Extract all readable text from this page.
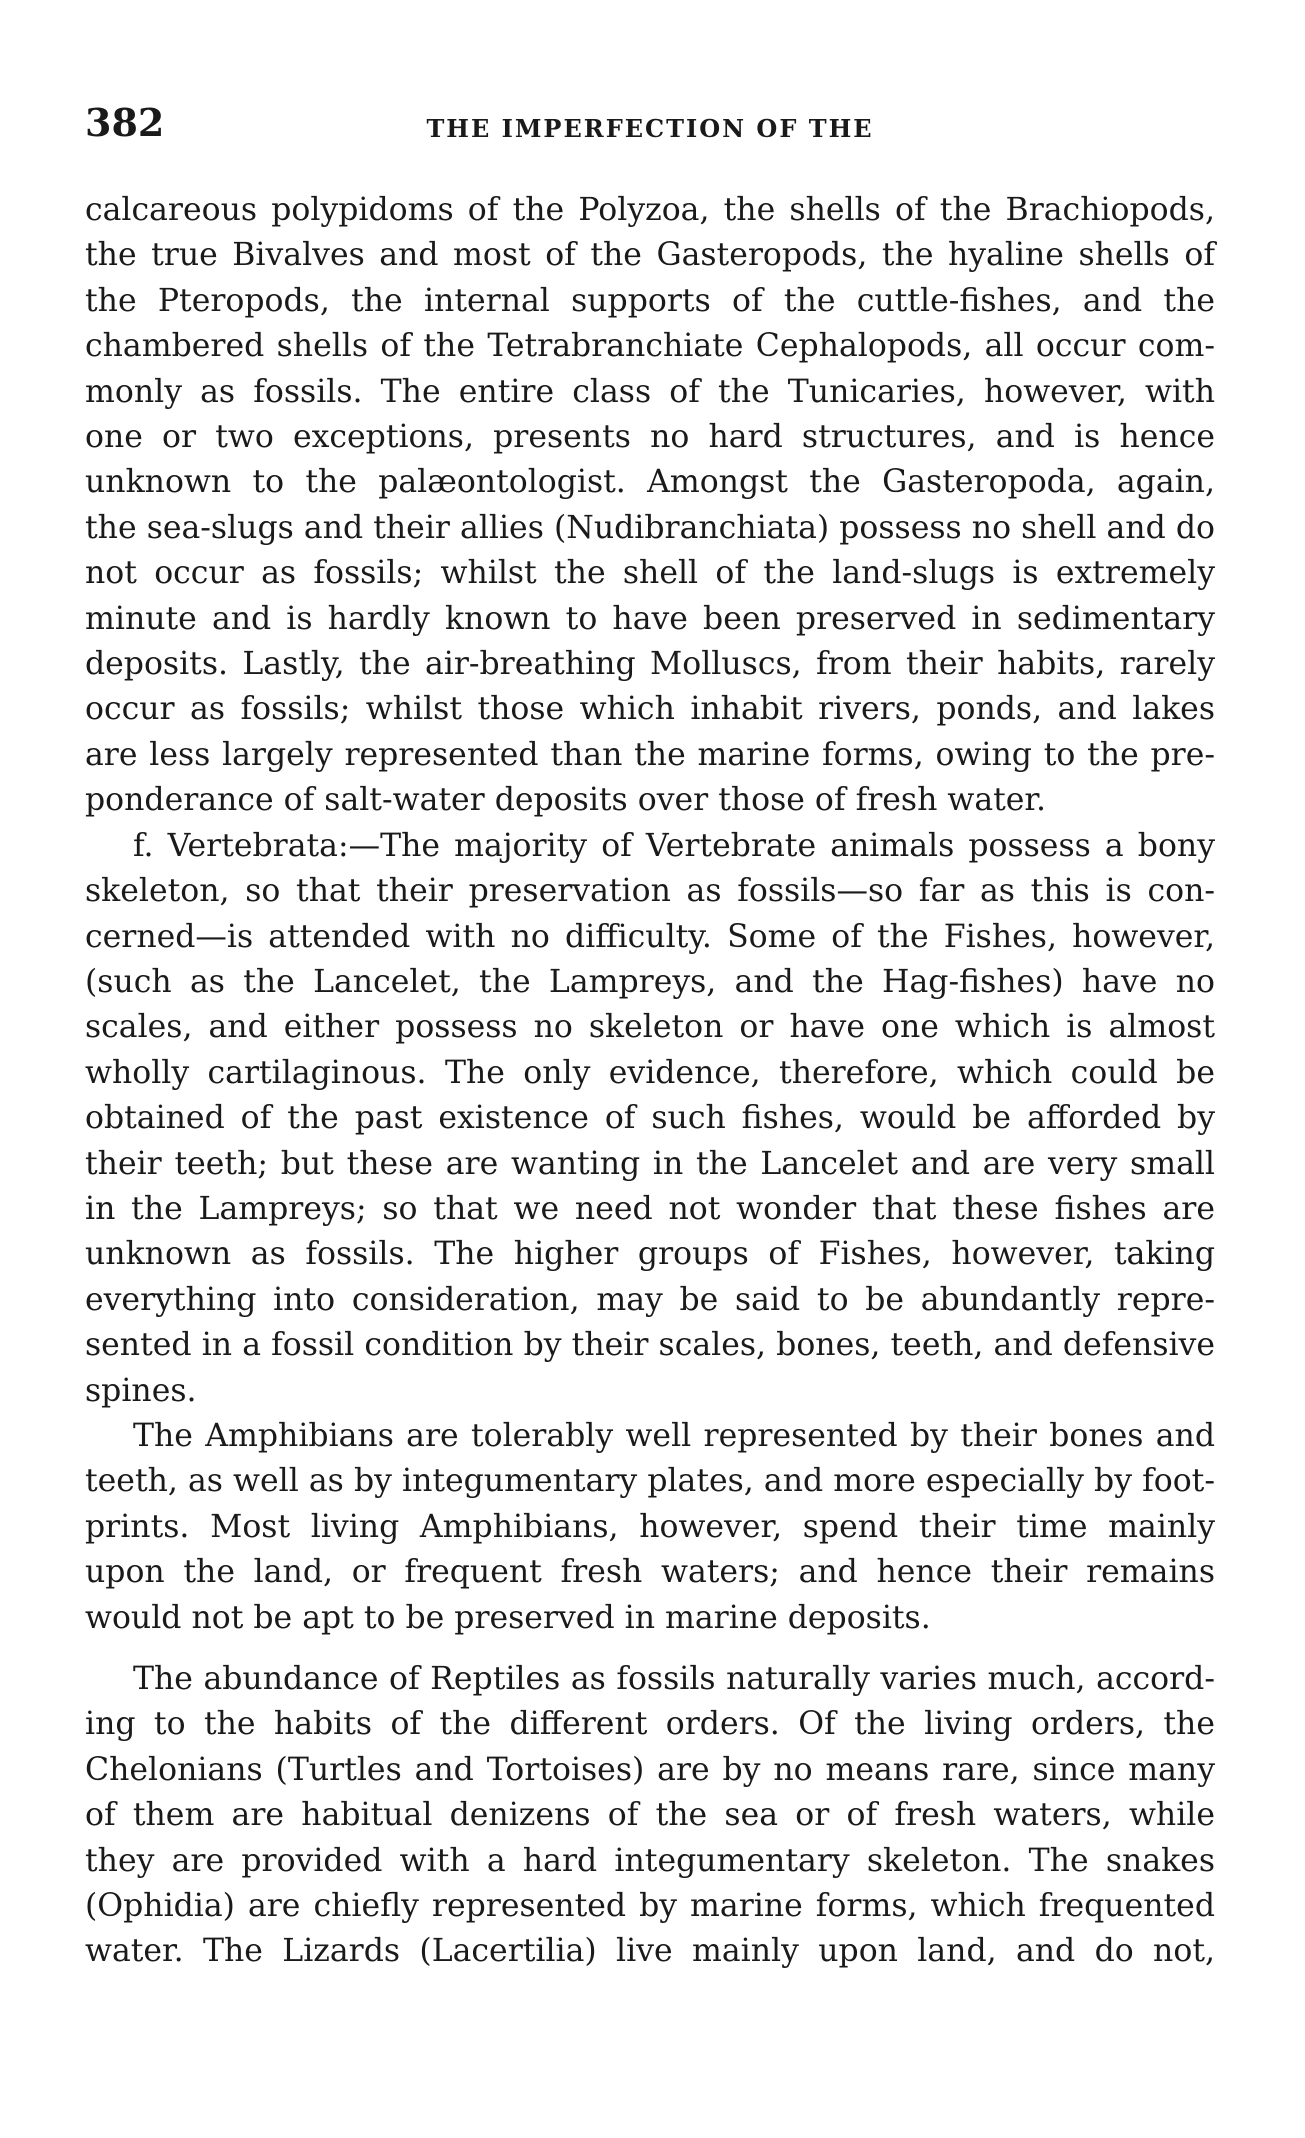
382	THE IMPERFECTION OF THE
calcareous polypidoms of the Polyzoa, the shells of the Brachiopods,
the true Bivalves and most of the Gasteropods, the hyaline shells of
the Pteropods, the internal supports of the cuttle-fishes, and the
chambered shells of the Tetrabranchiate Cephalopods, all occur com-
monly as fossils. The entire class of the Tunicaries, however, with
one or two exceptions, presents no hard structures, and is hence
unknown to the palæontologist. Amongst the Gasteropoda, again,
the sea-slugs and their allies (Nudibranchiata) possess no shell and do
not occur as fossils; whilst the shell of the land-slugs is extremely
minute and is hardly known to have been preserved in sedimentary
deposits. Lastly, the air-breathing Molluscs, from their habits, rarely
occur as fossils; whilst those which inhabit rivers, ponds, and lakes
are less largely represented than the marine forms, owing to the pre-
ponderance of salt-water deposits over those of fresh water.
f. Vertebrata:—The majority of Vertebrate animals possess a bony
skeleton, so that their preservation as fossils—so far as this is con-
cerned—is attended with no difficulty. Some of the Fishes, however,
(such as the Lancelet, the Lampreys, and the Hag-fishes) have no
scales, and either possess no skeleton or have one which is almost
wholly cartilaginous. The only evidence, therefore, which could be
obtained of the past existence of such fishes, would be afforded by
their teeth; but these are wanting in the Lancelet and are very small
in the Lampreys; so that we need not wonder that these fishes are
unknown as fossils. The higher groups of Fishes, however, taking
everything into consideration, may be said to be abundantly repre-
sented in a fossil condition by their scales, bones, teeth, and defensive
spines.
The Amphibians are tolerably well represented by their bones and
teeth, as well as by integumentary plates, and more especially by foot-
prints. Most living Amphibians, however, spend their time mainly
upon the land, or frequent fresh waters; and hence their remains
would not be apt to be preserved in marine deposits.
The abundance of Reptiles as fossils naturally varies much, accord-
ing to the habits of the different orders. Of the living orders, the
Chelonians (Turtles and Tortoises) are by no means rare, since many
of them are habitual denizens of the sea or of fresh waters, while
they are provided with a hard integumentary skeleton. The snakes
(Ophidia) are chiefly represented by marine forms, which frequented
water. The Lizards (Lacertilia) live mainly upon land, and do not,
